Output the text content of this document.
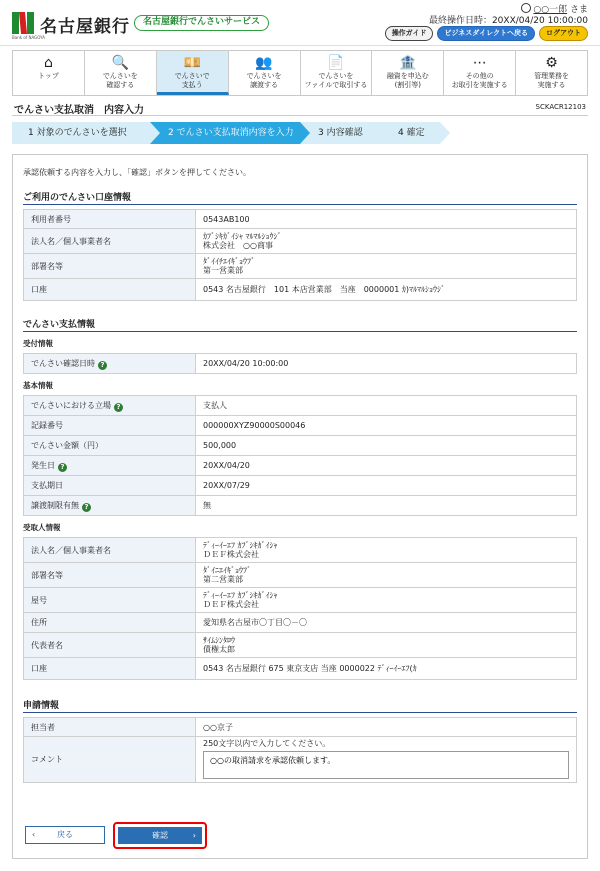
名古屋銀行
Bank of NAGOYA
名古屋銀行でんさいサービス
○○一郎 さま
最終操作日時：20XX/04/20 10:00:00
操作ガイド	ビジネスダイレクトへ戻る	ログアウト
⌂
トップ
🔍
でんさいを
確認する
💴
でんさいで
支払う
👥
でんさいを
譲渡する
📄
でんさいを
ファイルで取引する
🏦
融資を申込む
(割引等)
⋯
その他の
お取引を実施する
⚙
管理業務を
実施する
でんさい支払取消　内容入力	SCKACR12103
1 対象のでんさいを選択	2 でんさい支払取消内容を入力	3 内容確認	4 確定
承認依頼する内容を入力し、「確認」ボタンを押してください。
ご利用のでんさい口座情報
利用者番号	0543AB100
法人名／個人事業者名	ｶﾌﾞｼｷｶﾞｲｼｬ ﾏﾙﾏﾙｼｮｳｼﾞ
株式会社　○○商事

部署名等	ﾀﾞｲｲﾁｴｲｷﾞｮｳﾌﾞ
第一営業部

口座	0543 名古屋銀行　101 本店営業部　当座　0000001 ｶ)ﾏﾙﾏﾙｼｮｳｼﾞ
でんさい支払情報
受付情報
でんさい確認日時 ?	20XX/04/20 10:00:00
基本情報
でんさいにおける立場 ?	支払人
記録番号	000000XYZ90000S00046
でんさい金額（円）	500,000
発生日 ?	20XX/04/20
支払期日	20XX/07/29
譲渡制限有無 ?	無
受取人情報
法人名／個人事業者名	ﾃﾞｨｰｲｰｴﾌ ｶﾌﾞｼｷｶﾞｲｼｬ
ＤＥＦ株式会社

部署名等	ﾀﾞｲﾆｴｲｷﾞｮｳﾌﾞ
第二営業部

屋号	ﾃﾞｨｰｲｰｴﾌ ｶﾌﾞｼｷｶﾞｲｼｬ
ＤＥＦ株式会社

住所	愛知県名古屋市〇丁目〇－〇
代表者名	ｻｲﾑｼﾝﾀﾛｳ
債権太郎

口座	0543 名古屋銀行 675 東京支店 当座 0000022 ﾃﾞｨｰｲｰｴﾌ(ｶ
申請情報
担当者	○○京子
コメント	250文字以内で入力してください。
○○の取消請求を承認依頼します。
‹	戻る	確認	›
